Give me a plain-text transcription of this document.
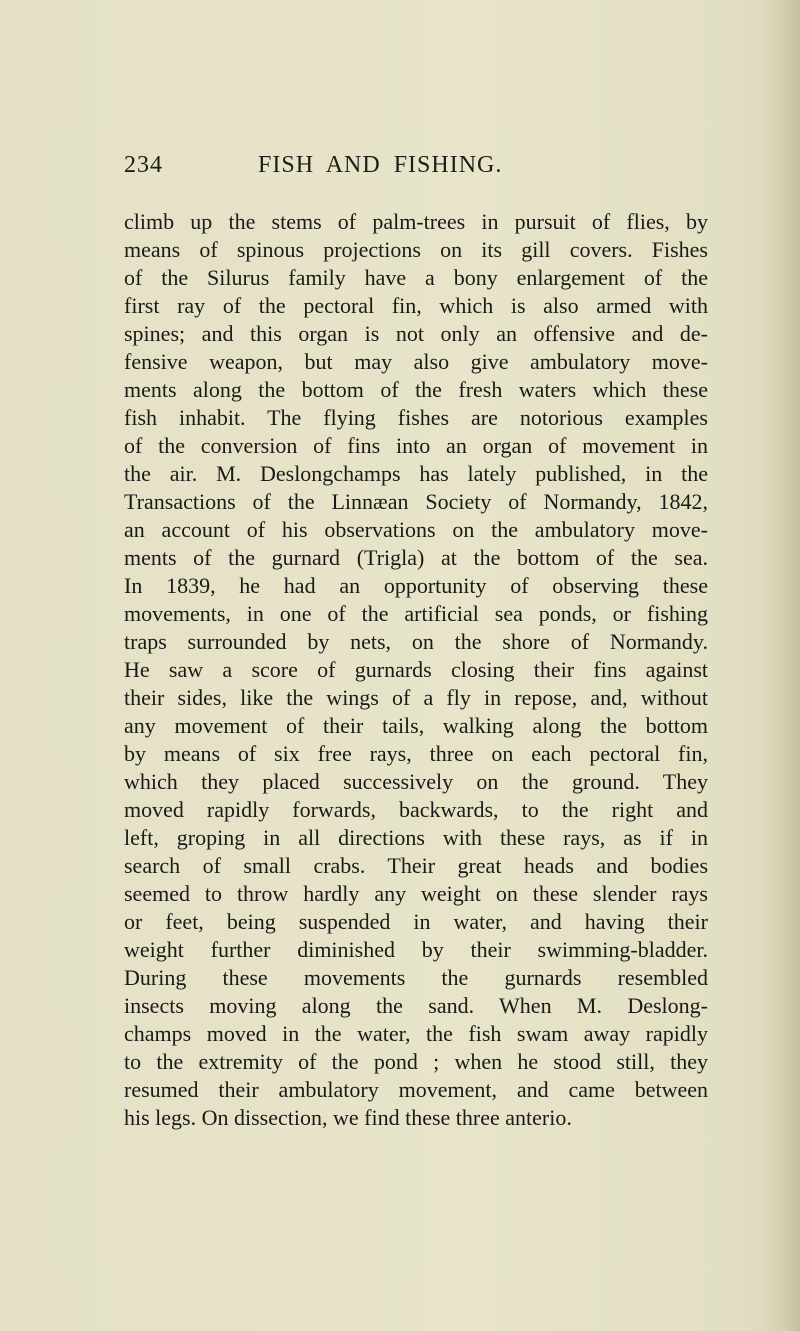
234	FISH AND FISHING.
climb up the stems of palm-trees in pursuit of flies, by
means of spinous projections on its gill covers. Fishes
of the Silurus family have a bony enlargement of the
first ray of the pectoral fin, which is also armed with
spines; and this organ is not only an offensive and de-
fensive weapon, but may also give ambulatory move-
ments along the bottom of the fresh waters which these
fish inhabit. The flying fishes are notorious examples
of the conversion of fins into an organ of movement in
the air. M. Deslongchamps has lately published, in the
Transactions of the Linnæan Society of Normandy, 1842,
an account of his observations on the ambulatory move-
ments of the gurnard (Trigla) at the bottom of the sea.
In 1839, he had an opportunity of observing these
movements, in one of the artificial sea ponds, or fishing
traps surrounded by nets, on the shore of Normandy.
He saw a score of gurnards closing their fins against
their sides, like the wings of a fly in repose, and, without
any movement of their tails, walking along the bottom
by means of six free rays, three on each pectoral fin,
which they placed successively on the ground. They
moved rapidly forwards, backwards, to the right and
left, groping in all directions with these rays, as if in
search of small crabs. Their great heads and bodies
seemed to throw hardly any weight on these slender rays
or feet, being suspended in water, and having their
weight further diminished by their swimming-bladder.
During these movements the gurnards resembled
insects moving along the sand. When M. Deslong-
champs moved in the water, the fish swam away rapidly
to the extremity of the pond ; when he stood still, they
resumed their ambulatory movement, and came between
his legs. On dissection, we find these three anterio.
